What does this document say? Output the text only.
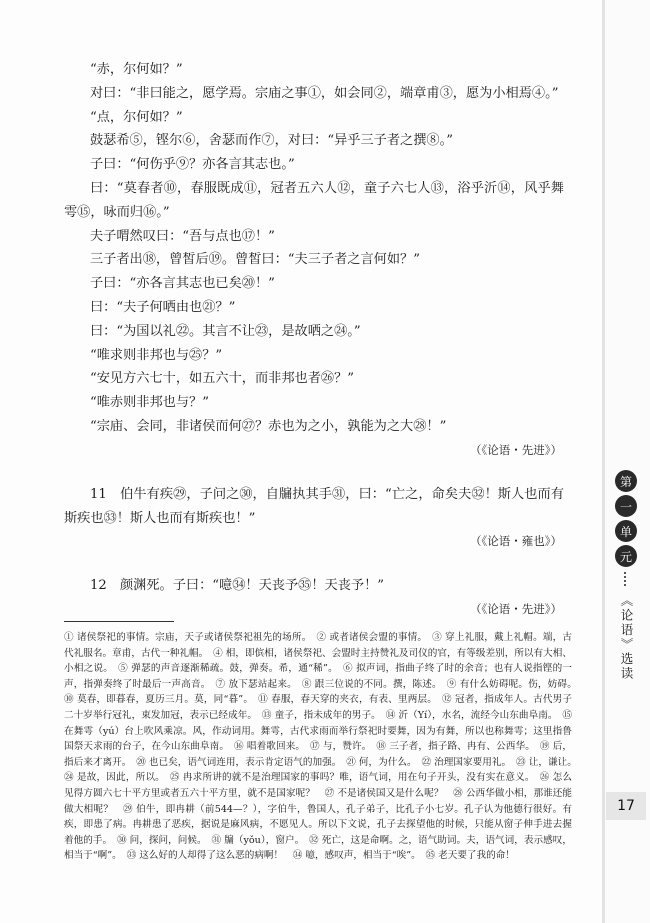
“赤，尔何如？”

对曰：“非曰能之，愿学焉。宗庙之事①，如会同②，端章甫③，愿为小相焉④。”

“点，尔何如？”

鼓瑟希⑤，铿尔⑥，舍瑟而作⑦，对曰：“异乎三子者之撰⑧。”

子曰：“何伤乎⑨？亦各言其志也。”

曰：“莫春者⑩，春服既成⑪，冠者五六人⑫，童子六七人⑬，浴乎沂⑭，风乎舞雩⑮，咏而归⑯。”

夫子喟然叹曰：“吾与点也⑰！”

三子者出⑱，曾皙后⑲。曾皙曰：“夫三子者之言何如？”

子曰：“亦各言其志也已矣⑳！”

曰：“夫子何哂由也㉑？”

曰：“为国以礼㉒。其言不让㉓，是故哂之㉔。”

“唯求则非邦也与㉕？”

“安见方六七十，如五六十，而非邦也者㉖？”

“唯赤则非邦也与？”

“宗庙、会同，非诸侯而何㉗？赤也为之小，孰能为之大㉘！”

（《论语・先进》）

11　伯牛有疾㉙，子问之㉚，自牖执其手㉛，曰：“亡之，命矣夫㉜！斯人也而有斯疾也㉝！斯人也而有斯疾也！”

（《论语・雍也》）

12　颜渊死。子曰：“噫㉞！天丧予㉟！天丧予！”

（《论语・先进》）

① 诸侯祭祀的事情。宗庙，天子或诸侯祭祀祖先的场所。　② 或者诸侯会盟的事情。　③ 穿上礼服，戴上礼帽。端，古代礼服名。章甫，古代一种礼帽。　④ 相，即傧相，诸侯祭祀、会盟时主持赞礼及司仪的官，有等级差别，所以有大相、小相之说。　⑤ 弹瑟的声音逐渐稀疏。鼓，弹奏。希，通“稀”。　⑥ 拟声词，指曲子终了时的余音；也有人说指铿的一声，指弹奏终了时最后一声高音。　⑦ 放下瑟站起来。　⑧ 跟三位说的不同。撰，陈述。　⑨ 有什么妨碍呢。伤，妨碍。　⑩ 莫春，即暮春，夏历三月。莫，同“暮”。　⑪ 春服，春天穿的夹衣，有表、里两层。　⑫ 冠者，指成年人。古代男子二十岁举行冠礼，束发加冠，表示已经成年。　⑬ 童子，指未成年的男子。　⑭ 沂（Yí），水名，流经今山东曲阜南。　⑮ 在舞雩（yú）台上吹风乘凉。风，作动词用。舞雩，古代求雨而举行祭祀时要舞，因为有舞，所以也称舞雩；这里指鲁国祭天求雨的台子，在今山东曲阜南。　⑯ 唱着歌回来。　⑰ 与，赞许。　⑱ 三子者，指子路、冉有、公西华。　⑲ 后，指后来才离开。　⑳ 也已矣，语气词连用，表示肯定语气的加强。　㉑ 何，为什么。　㉒ 治理国家要用礼。　㉓ 让，谦让。　㉔ 是故，因此，所以。　㉕ 冉求所讲的就不是治理国家的事吗？唯，语气词，用在句子开头，没有实在意义。　㉖ 怎么见得方圆六七十平方里或者五六十平方里，就不是国家呢？　㉗ 不是诸侯国又是什么呢？　㉘ 公西华做小相，那谁还能做大相呢？　㉙ 伯牛，即冉耕（前544—？），字伯牛，鲁国人，孔子弟子，比孔子小七岁。孔子认为他德行很好。有疾，即患了病。冉耕患了恶疾，据说是麻风病，不愿见人。所以下文说，孔子去探望他的时候，只能从窗子伸手进去握着他的手。　㉚ 问，探问，问候。　㉛ 牖（yǒu），窗户。　㉜ 死亡，这是命啊。之，语气助词。夫，语气词，表示感叹，相当于“啊”。　㉝ 这么好的人却得了这么恶的病啊！　㉞ 噫，感叹声，相当于“唉”。　㉟ 老天要了我的命！

第
一
单
元
《论语》选读
17
